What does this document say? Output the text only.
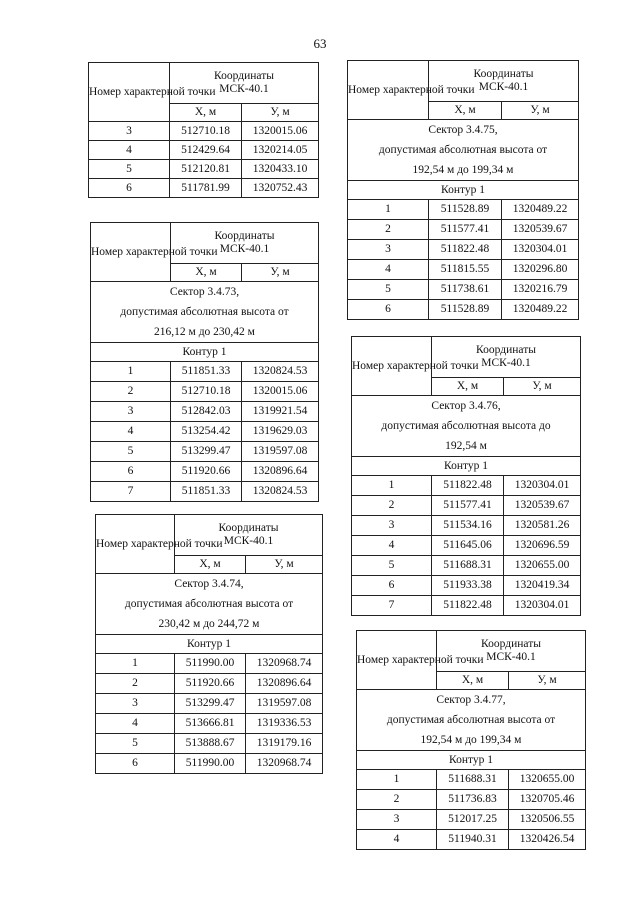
63
Номер характерной точки	Координаты
МСК-40.1	

	X, м	У, м
3	512710.18	1320015.06
4	512429.64	1320214.05
5	512120.81	1320433.10
6	511781.99	1320752.43
Номер характерной точки	Координаты
МСК-40.1	

	X, м	У, м

Сектор 3.4.73,
допустимая абсолютная высота от
216,12 м до 230,42 м		

Контур 1		
1	511851.33	1320824.53
2	512710.18	1320015.06
3	512842.03	1319921.54
4	513254.42	1319629.03
5	513299.47	1319597.08
6	511920.66	1320896.64
7	511851.33	1320824.53
Номер характерной точки	Координаты
МСК-40.1	

	X, м	У, м

Сектор 3.4.74,
допустимая абсолютная высота от
230,42 м до 244,72 м		

Контур 1		
1	511990.00	1320968.74
2	511920.66	1320896.64
3	513299.47	1319597.08
4	513666.81	1319336.53
5	513888.67	1319179.16
6	511990.00	1320968.74
Номер характерной точки	Координаты
МСК-40.1	

	X, м	У, м

Сектор 3.4.75,
допустимая абсолютная высота от
192,54 м до 199,34 м		

Контур 1		
1	511528.89	1320489.22
2	511577.41	1320539.67
3	511822.48	1320304.01
4	511815.55	1320296.80
5	511738.61	1320216.79
6	511528.89	1320489.22
Номер характерной точки	Координаты
МСК-40.1	

	X, м	У, м

Сектор 3.4.76,
допустимая абсолютная высота до
192,54 м		

Контур 1		
1	511822.48	1320304.01
2	511577.41	1320539.67
3	511534.16	1320581.26
4	511645.06	1320696.59
5	511688.31	1320655.00
6	511933.38	1320419.34
7	511822.48	1320304.01
Номер характерной точки	Координаты
МСК-40.1	

	X, м	У, м

Сектор 3.4.77,
допустимая абсолютная высота от
192,54 м до 199,34 м		

Контур 1		
1	511688.31	1320655.00
2	511736.83	1320705.46
3	512017.25	1320506.55
4	511940.31	1320426.54
